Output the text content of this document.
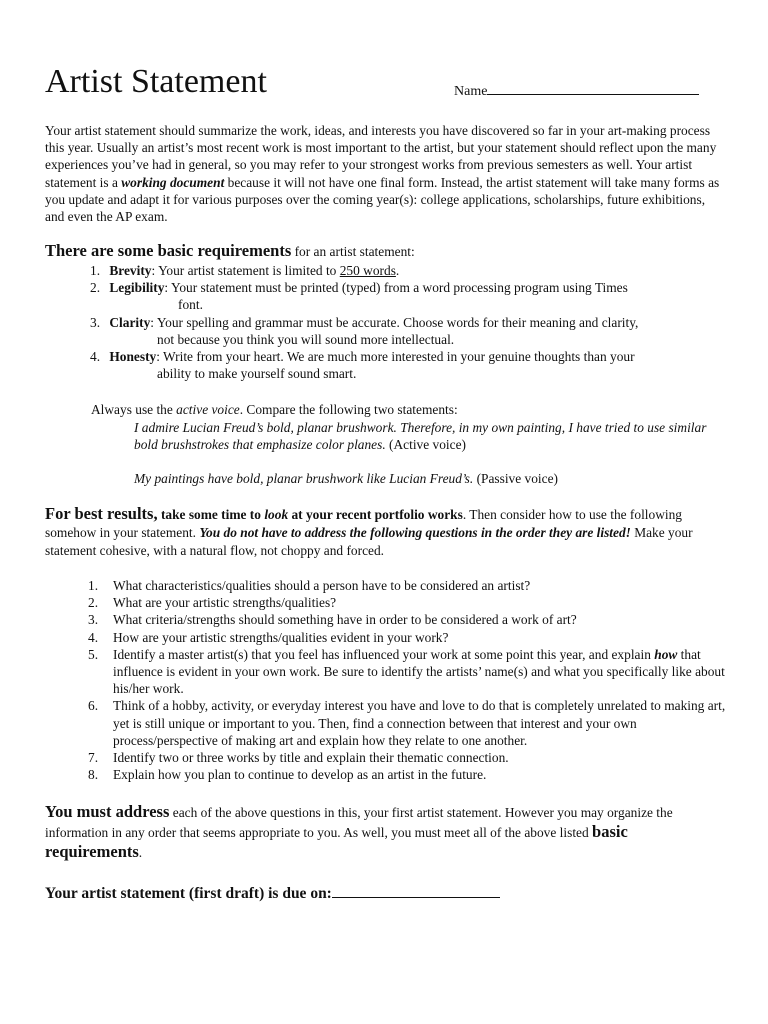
Artist Statement	Name

Your artist statement should summarize the work, ideas, and interests you have discovered so far in your art-making process this year. Usually an artist’s most recent work is most important to the artist, but your statement should reflect upon the many experiences you’ve had in general, so you may refer to your strongest works from previous semesters as well. Your artist statement is a working document because it will not have one final form. Instead, the artist statement will take many forms as you update and adapt it for various purposes over the coming year(s): college applications, scholarships, future exhibitions, and even the AP exam.

There are some basic requirements for an artist statement:
1. Brevity: Your artist statement is limited to 250 words.
2. Legibility: Your statement must be printed (typed) from a word processing program using Times
font.
3. Clarity: Your spelling and grammar must be accurate. Choose words for their meaning and clarity,
not because you think you will sound more intellectual.
4. Honesty: Write from your heart. We are much more interested in your genuine thoughts than your
ability to make yourself sound smart.
Always use the active voice. Compare the following two statements:
I admire Lucian Freud’s bold, planar brushwork. Therefore, in my own painting, I have tried to use similar bold brushstrokes that emphasize color planes. (Active voice)
My paintings have bold, planar brushwork like Lucian Freud’s. (Passive voice)
For best results, take some time to look at your recent portfolio works. Then consider how to use the following somehow in your statement. You do not have to address the following questions in the order they are listed! Make your statement cohesive, with a natural flow, not choppy and forced.
1. What characteristics/qualities should a person have to be considered an artist?
2. What are your artistic strengths/qualities?
3. What criteria/strengths should something have in order to be considered a work of art?
4. How are your artistic strengths/qualities evident in your work?
5. Identify a master artist(s) that you feel has influenced your work at some point this year, and explain how that influence is evident in your own work. Be sure to identify the artists’ name(s) and what you specifically like about his/her work.
6. Think of a hobby, activity, or everyday interest you have and love to do that is completely unrelated to making art, yet is still unique or important to you. Then, find a connection between that interest and your own process/perspective of making art and explain how they relate to one another.
7. Identify two or three works by title and explain their thematic connection.
8. Explain how you plan to continue to develop as an artist in the future.
You must address each of the above questions in this, your first artist statement. However you may organize the information in any order that seems appropriate to you. As well, you must meet all of the above listed basic requirements.
Your artist statement (first draft) is due on:
